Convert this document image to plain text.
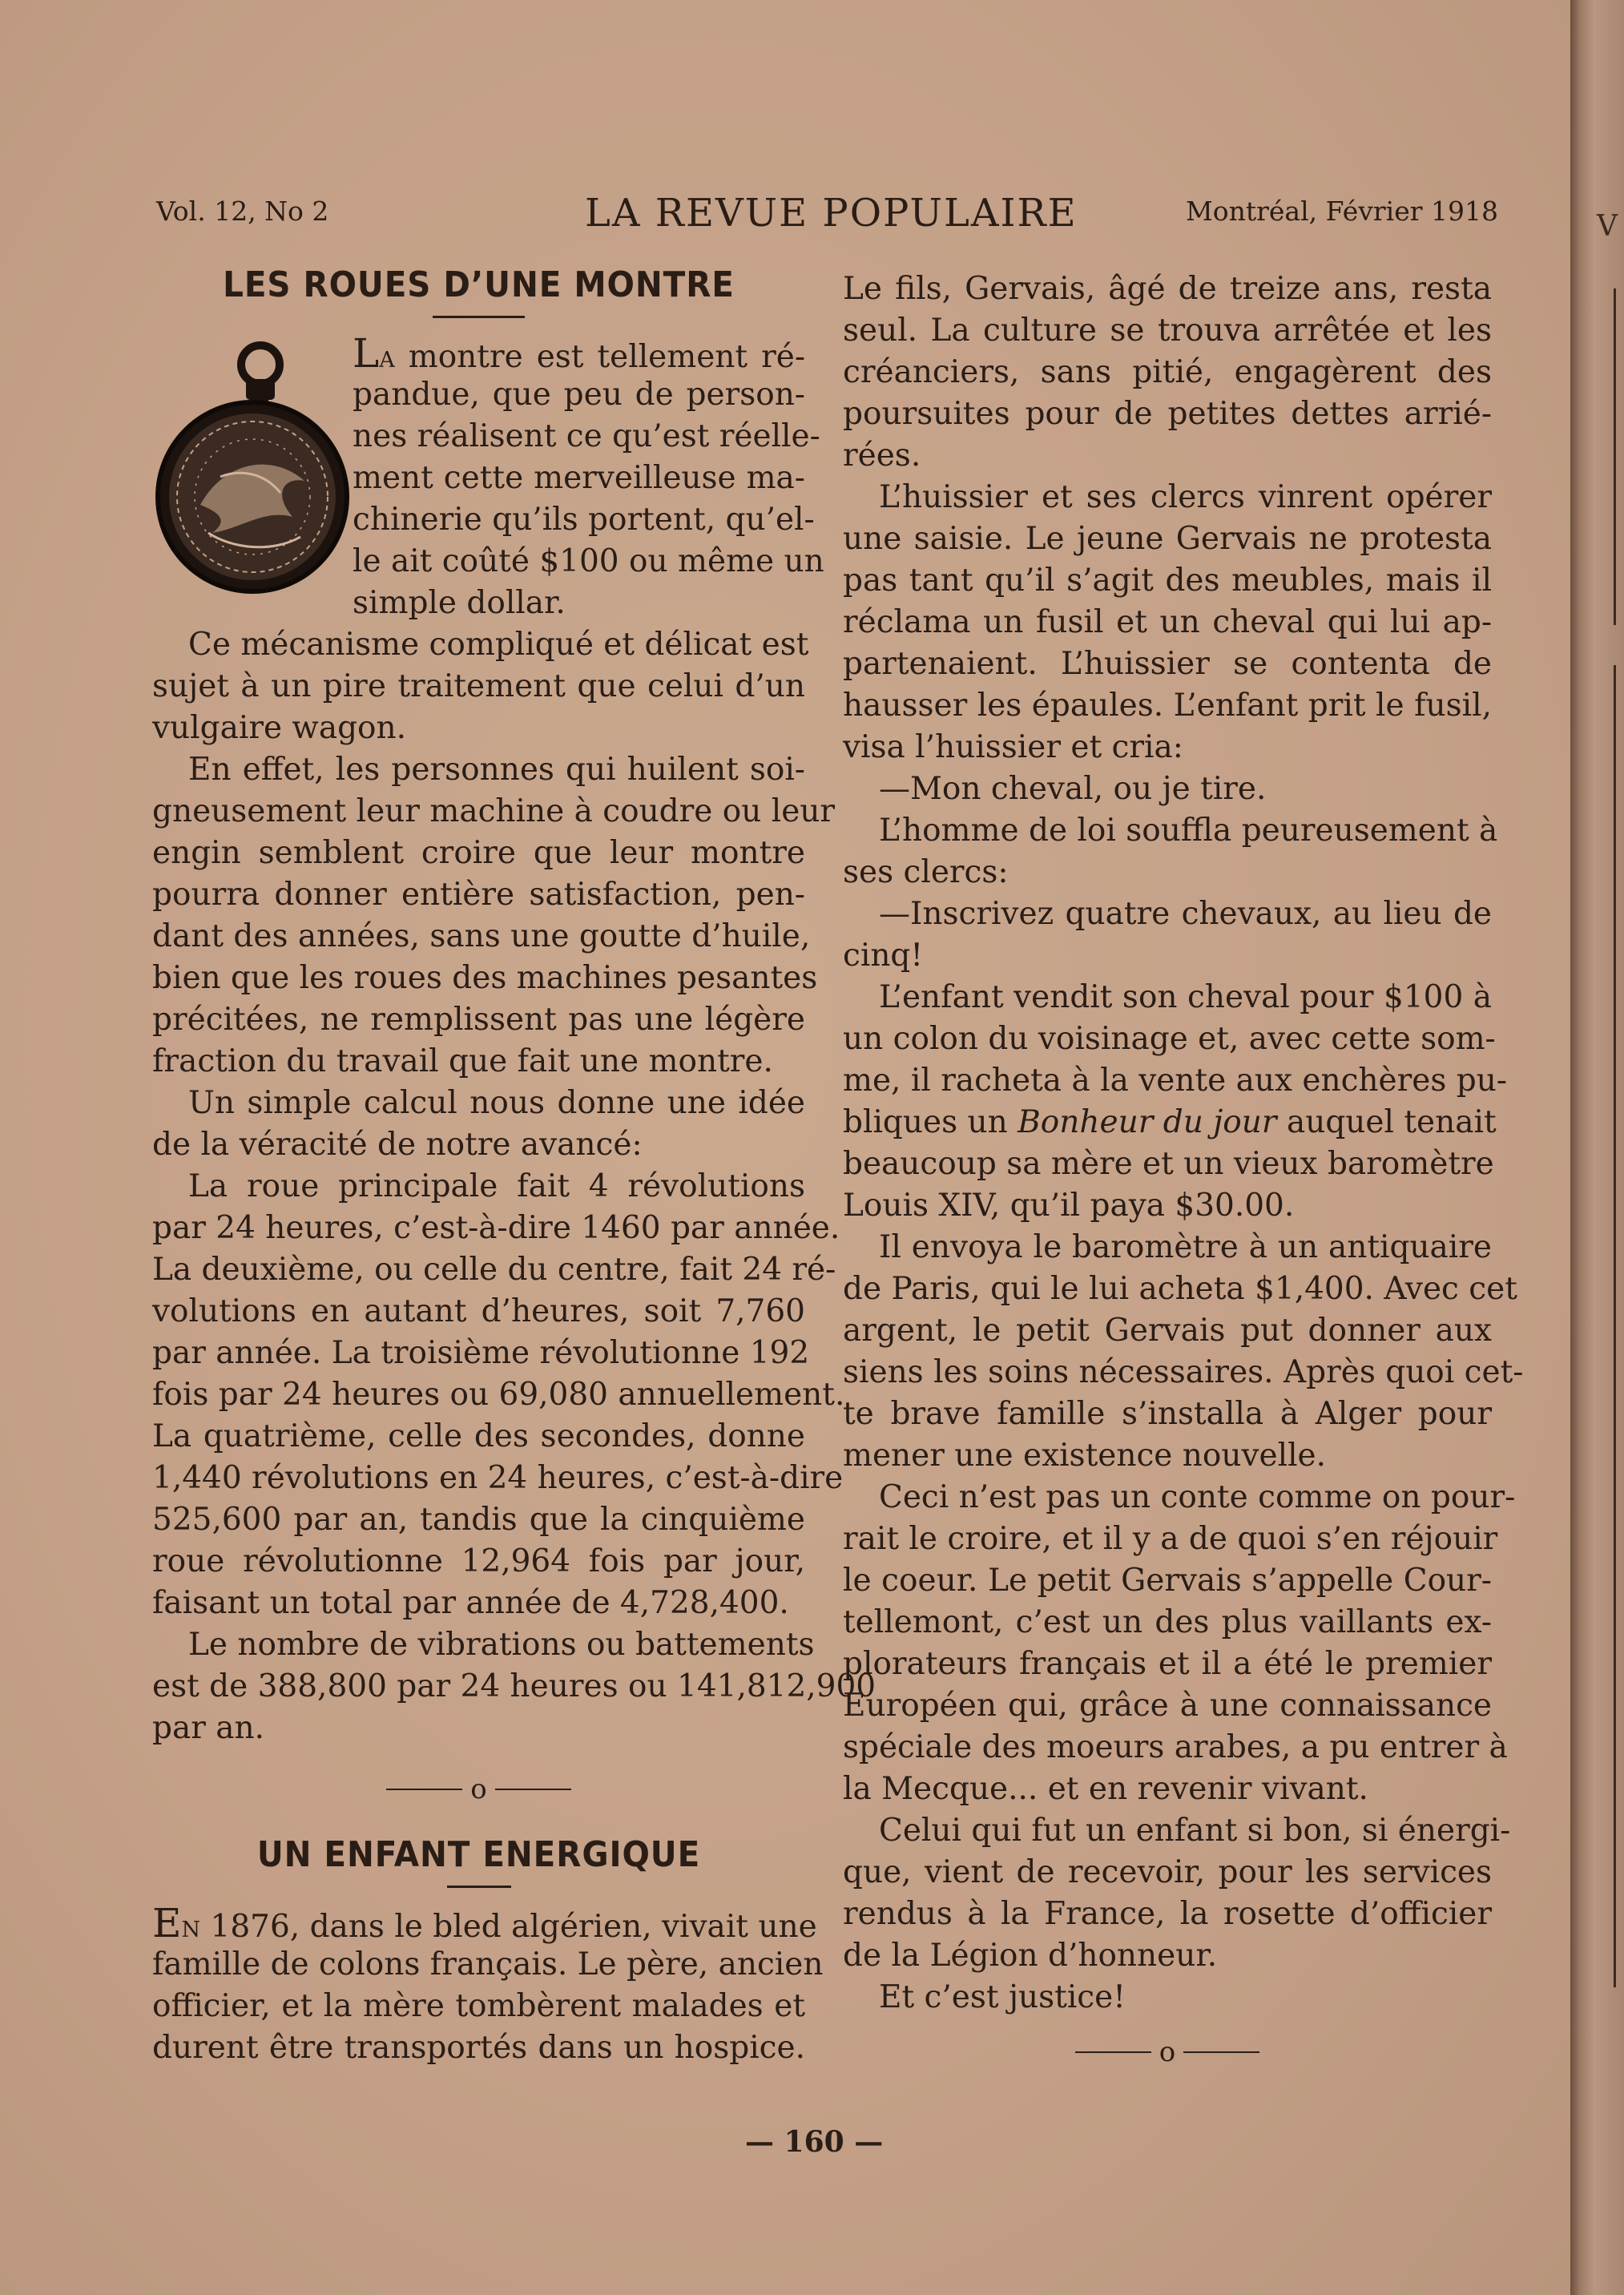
V
Vol. 12, No 2	LA REVUE POPULAIRE	Montréal, Février 1918
LES ROUES D’UNE MONTRE
La montre est tellement ré-
pandue, que peu de person-
nes réalisent ce qu’est réelle-
ment cette merveilleuse ma-
chinerie qu’ils portent, qu’el-
le ait coûté $100 ou même un
simple dollar.
Ce mécanisme compliqué et délicat est
sujet à un pire traitement que celui d’un
vulgaire wagon.
En effet, les personnes qui huilent soi-
gneusement leur machine à coudre ou leur
engin semblent croire que leur montre
pourra donner entière satisfaction, pen-
dant des années, sans une goutte d’huile,
bien que les roues des machines pesantes
précitées, ne remplissent pas une légère
fraction du travail que fait une montre.
Un simple calcul nous donne une idée
de la véracité de notre avancé:
La roue principale fait 4 révolutions
par 24 heures, c’est-à-dire 1460 par année.
La deuxième, ou celle du centre, fait 24 ré-
volutions en autant d’heures, soit 7,760
par année. La troisième révolutionne 192
fois par 24 heures ou 69,080 annuellement.
La quatrième, celle des secondes, donne
1,440 révolutions en 24 heures, c’est-à-dire
525,600 par an, tandis que la cinquième
roue révolutionne 12,964 fois par jour,
faisant un total par année de 4,728,400.
Le nombre de vibrations ou battements
est de 388,800 par 24 heures ou 141,812,900
par an.
o
UN ENFANT ENERGIQUE
En 1876, dans le bled algérien, vivait une
famille de colons français. Le père, ancien
officier, et la mère tombèrent malades et
durent être transportés dans un hospice.
Le fils, Gervais, âgé de treize ans, resta
seul. La culture se trouva arrêtée et les
créanciers, sans pitié, engagèrent des
poursuites pour de petites dettes arrié-
rées.
L’huissier et ses clercs vinrent opérer
une saisie. Le jeune Gervais ne protesta
pas tant qu’il s’agit des meubles, mais il
réclama un fusil et un cheval qui lui ap-
partenaient. L’huissier se contenta de
hausser les épaules. L’enfant prit le fusil,
visa l’huissier et cria:
—Mon cheval, ou je tire.
L’homme de loi souffla peureusement à
ses clercs:
—Inscrivez quatre chevaux, au lieu de
cinq!
L’enfant vendit son cheval pour $100 à
un colon du voisinage et, avec cette som-
me, il racheta à la vente aux enchères pu-
bliques un Bonheur du jour auquel tenait
beaucoup sa mère et un vieux baromètre
Louis XIV, qu’il paya $30.00.
Il envoya le baromètre à un antiquaire
de Paris, qui le lui acheta $1,400. Avec cet
argent, le petit Gervais put donner aux
siens les soins nécessaires. Après quoi cet-
te brave famille s’installa à Alger pour
mener une existence nouvelle.
Ceci n’est pas un conte comme on pour-
rait le croire, et il y a de quoi s’en réjouir
le coeur. Le petit Gervais s’appelle Cour-
tellemont, c’est un des plus vaillants ex-
plorateurs français et il a été le premier
Européen qui, grâce à une connaissance
spéciale des moeurs arabes, a pu entrer à
la Mecque... et en revenir vivant.
Celui qui fut un enfant si bon, si énergi-
que, vient de recevoir, pour les services
rendus à la France, la rosette d’officier
de la Légion d’honneur.
Et c’est justice!
o
— 160 —
